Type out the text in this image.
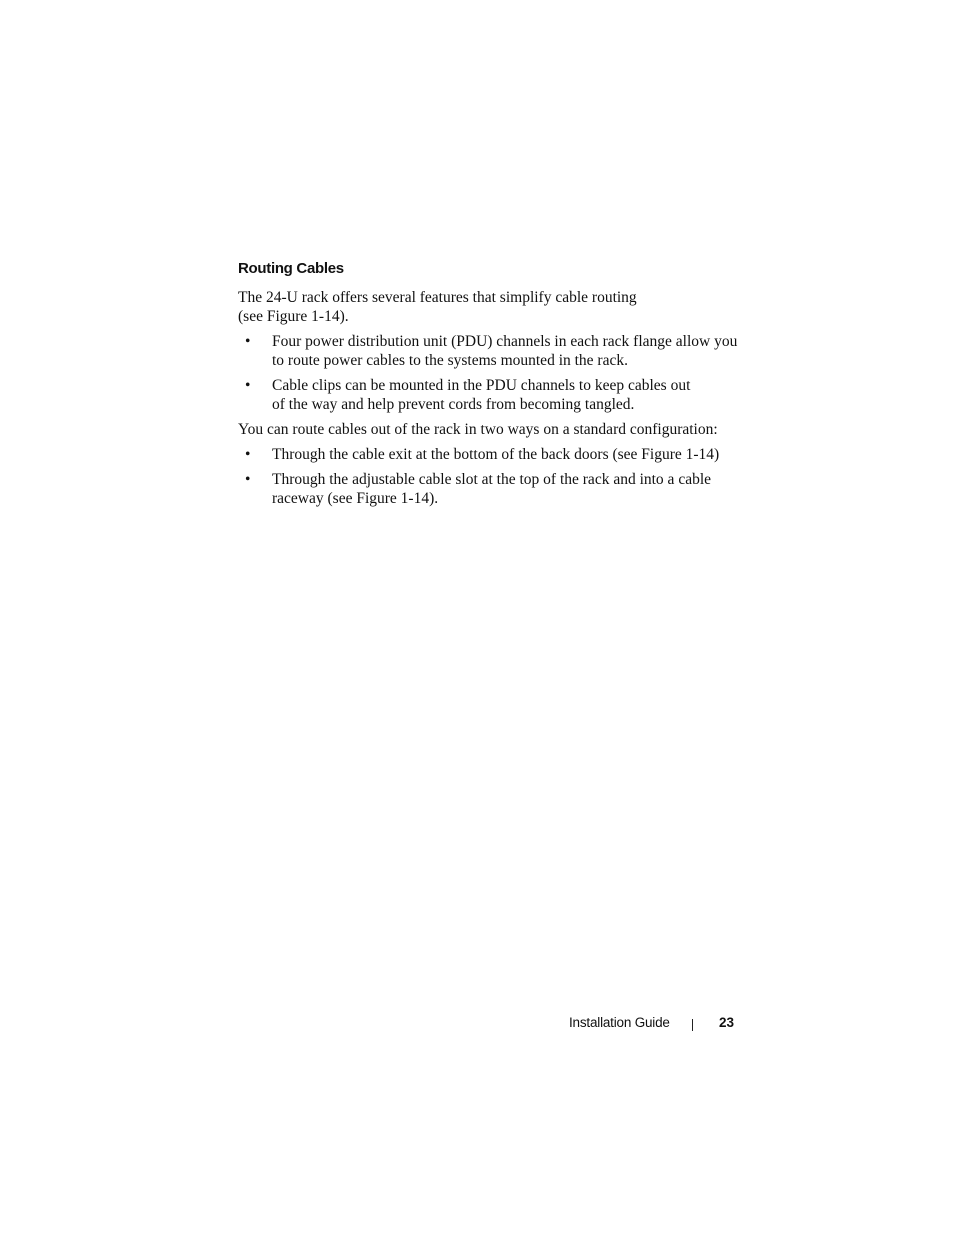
Routing Cables

The 24-U rack offers several features that simplify cable routing
(see Figure 1-14).

• Four power distribution unit (PDU) channels in each rack flange allow you
to route power cables to the systems mounted in the rack.
• Cable clips can be mounted in the PDU channels to keep cables out
of the way and help prevent cords from becoming tangled.

You can route cables out of the rack in two ways on a standard configuration:

• Through the cable exit at the bottom of the back doors (see Figure 1-14)
• Through the adjustable cable slot at the top of the rack and into a cable
raceway (see Figure 1-14).
Installation Guide	23
